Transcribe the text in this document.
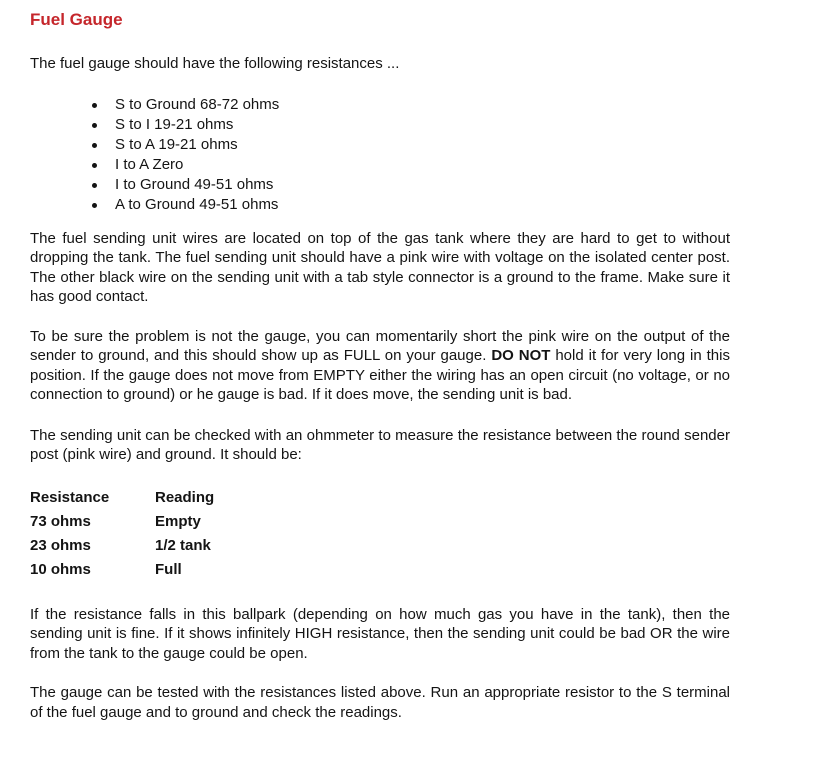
Fuel Gauge

The fuel gauge should have the following resistances ...

S to Ground 68-72 ohms
S to I 19-21 ohms
S to A 19-21 ohms
I to A Zero
I to Ground 49-51 ohms
A to Ground 49-51 ohms

The fuel sending unit wires are located on top of the gas tank where they are hard to get to without dropping the tank. The fuel sending unit should have a pink wire with voltage on the isolated center post. The other black wire on the sending unit with a tab style connector is a ground to the frame. Make sure it has good contact.

To be sure the problem is not the gauge, you can momentarily short the pink wire on the output of the sender to ground, and this should show up as FULL on your gauge. DO NOT hold it for very long in this position. If the gauge does not move from EMPTY either the wiring has an open circuit (no voltage, or no connection to ground) or he gauge is bad. If it does move, the sending unit is bad.

The sending unit can be checked with an ohmmeter to measure the resistance between the round sender post (pink wire) and ground. It should be:

Resistance	Reading
73 ohms	Empty
23 ohms	1/2 tank
10 ohms	Full

If the resistance falls in this ballpark (depending on how much gas you have in the tank), then the sending unit is fine. If it shows infinitely HIGH resistance, then the sending unit could be bad OR the wire from the tank to the gauge could be open.

The gauge can be tested with the resistances listed above. Run an appropriate resistor to the S terminal of the fuel gauge and to ground and check the readings.
